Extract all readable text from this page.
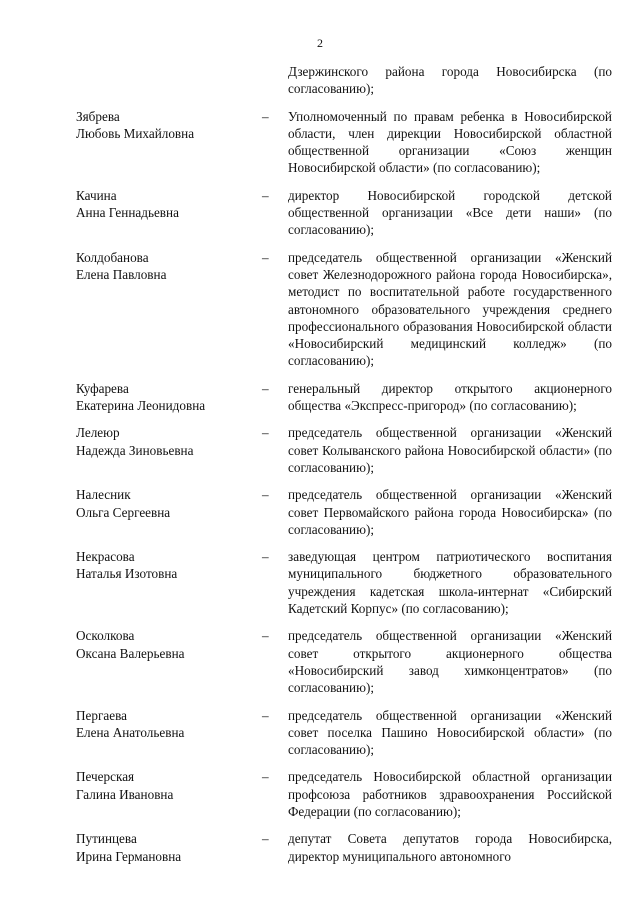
2
Дзержинского района города Новосибирска (по согласованию);
Зябрева
Любовь Михайловна
– Уполномоченный по правам ребенка в Новосибирской области, член дирекции Новосибирской областной общественной организации «Союз женщин Новосибирской области» (по согласованию);
Качина
Анна Геннадьевна
– директор Новосибирской городской детской общественной организации «Все дети наши» (по согласованию);
Колдобанова
Елена Павловна
– председатель общественной организации «Женский совет Железнодорожного района города Новосибирска», методист по воспитательной работе государственного автономного образовательного учреждения среднего профессионального образования Новосибирской области «Новосибирский медицинский колледж» (по согласованию);
Куфарева
Екатерина Леонидовна
– генеральный директор открытого акционерного общества «Экспресс-пригород» (по согласованию);
Лелеюр
Надежда Зиновьевна
– председатель общественной организации «Женский совет Колыванского района Новосибирской области» (по согласованию);
Налесник
Ольга Сергеевна
– председатель общественной организации «Женский совет Первомайского района города Новосибирска» (по согласованию);
Некрасова
Наталья Изотовна
– заведующая центром патриотического воспитания муниципального бюджетного образовательного учреждения кадетская школа-интернат «Сибирский Кадетский Корпус» (по согласованию);
Осколкова
Оксана Валерьевна
– председатель общественной организации «Женский совет открытого акционерного общества «Новосибирский завод химконцентратов» (по согласованию);
Пергаева
Елена Анатольевна
– председатель общественной организации «Женский совет поселка Пашино Новосибирской области» (по согласованию);
Печерская
Галина Ивановна
– председатель Новосибирской областной организации профсоюза работников здравоохранения Российской Федерации (по согласованию);
Путинцева
Ирина Германовна
– депутат Совета депутатов города Новосибирска, директор муниципального автономного
